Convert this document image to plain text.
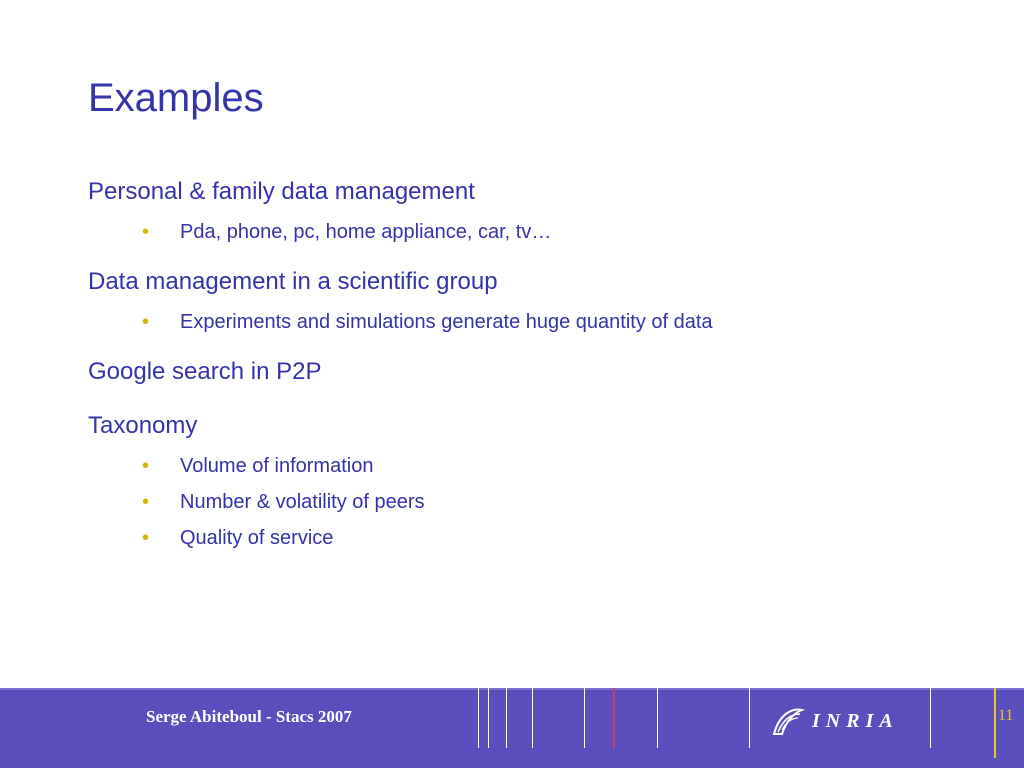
Examples
Personal & family data management
• Pda, phone, pc, home appliance, car, tv…
Data management in a scientific group
• Experiments and simulations generate huge quantity of data
Google search in P2P
Taxonomy
• Volume of information
• Number & volatility of peers
• Quality of service
Serge Abiteboul - Stacs 2007	INRIA	11
